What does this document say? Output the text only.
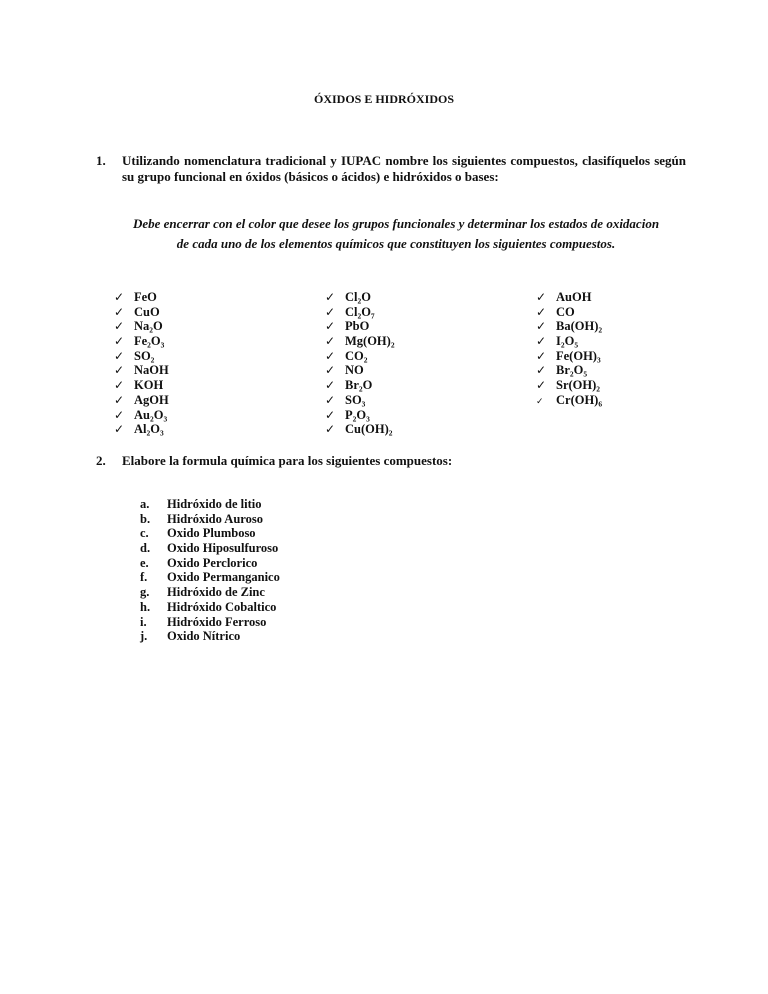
ÓXIDOS E HIDRÓXIDOS
1. Utilizando nomenclatura tradicional y IUPAC nombre los siguientes compuestos, clasifíquelos según su grupo funcional en óxidos (básicos o ácidos) e hidróxidos o bases:
Debe encerrar con el color que desee los grupos funcionales y determinar los estados de oxidacion
de cada uno de los elementos químicos que constituyen los siguientes compuestos.
✓ FeO
✓ CuO
✓ Na₂O
✓ Fe₂O₃
✓ SO₂
✓ NaOH
✓ KOH
✓ AgOH
✓ Au₂O₃
✓ Al₂O₃
✓ Cl₂O
✓ Cl₂O₇
✓ PbO
✓ Mg(OH)₂
✓ CO₂
✓ NO
✓ Br₂O
✓ SO₃
✓ P₂O₃
✓ Cu(OH)₂
✓ AuOH
✓ CO
✓ Ba(OH)₂
✓ I₂O₅
✓ Fe(OH)₃
✓ Br₂O₅
✓ Sr(OH)₂
✓ Cr(OH)₆
2. Elabore la formula química para los siguientes compuestos:
a. Hidróxido de litio
b. Hidróxido Auroso
c. Oxido Plumboso
d. Oxido Hiposulfuroso
e. Oxido Perclorico
f. Oxido Permanganico
g. Hidróxido de Zinc
h. Hidróxido Cobaltico
i. Hidróxido Ferroso
j. Oxido Nítrico
